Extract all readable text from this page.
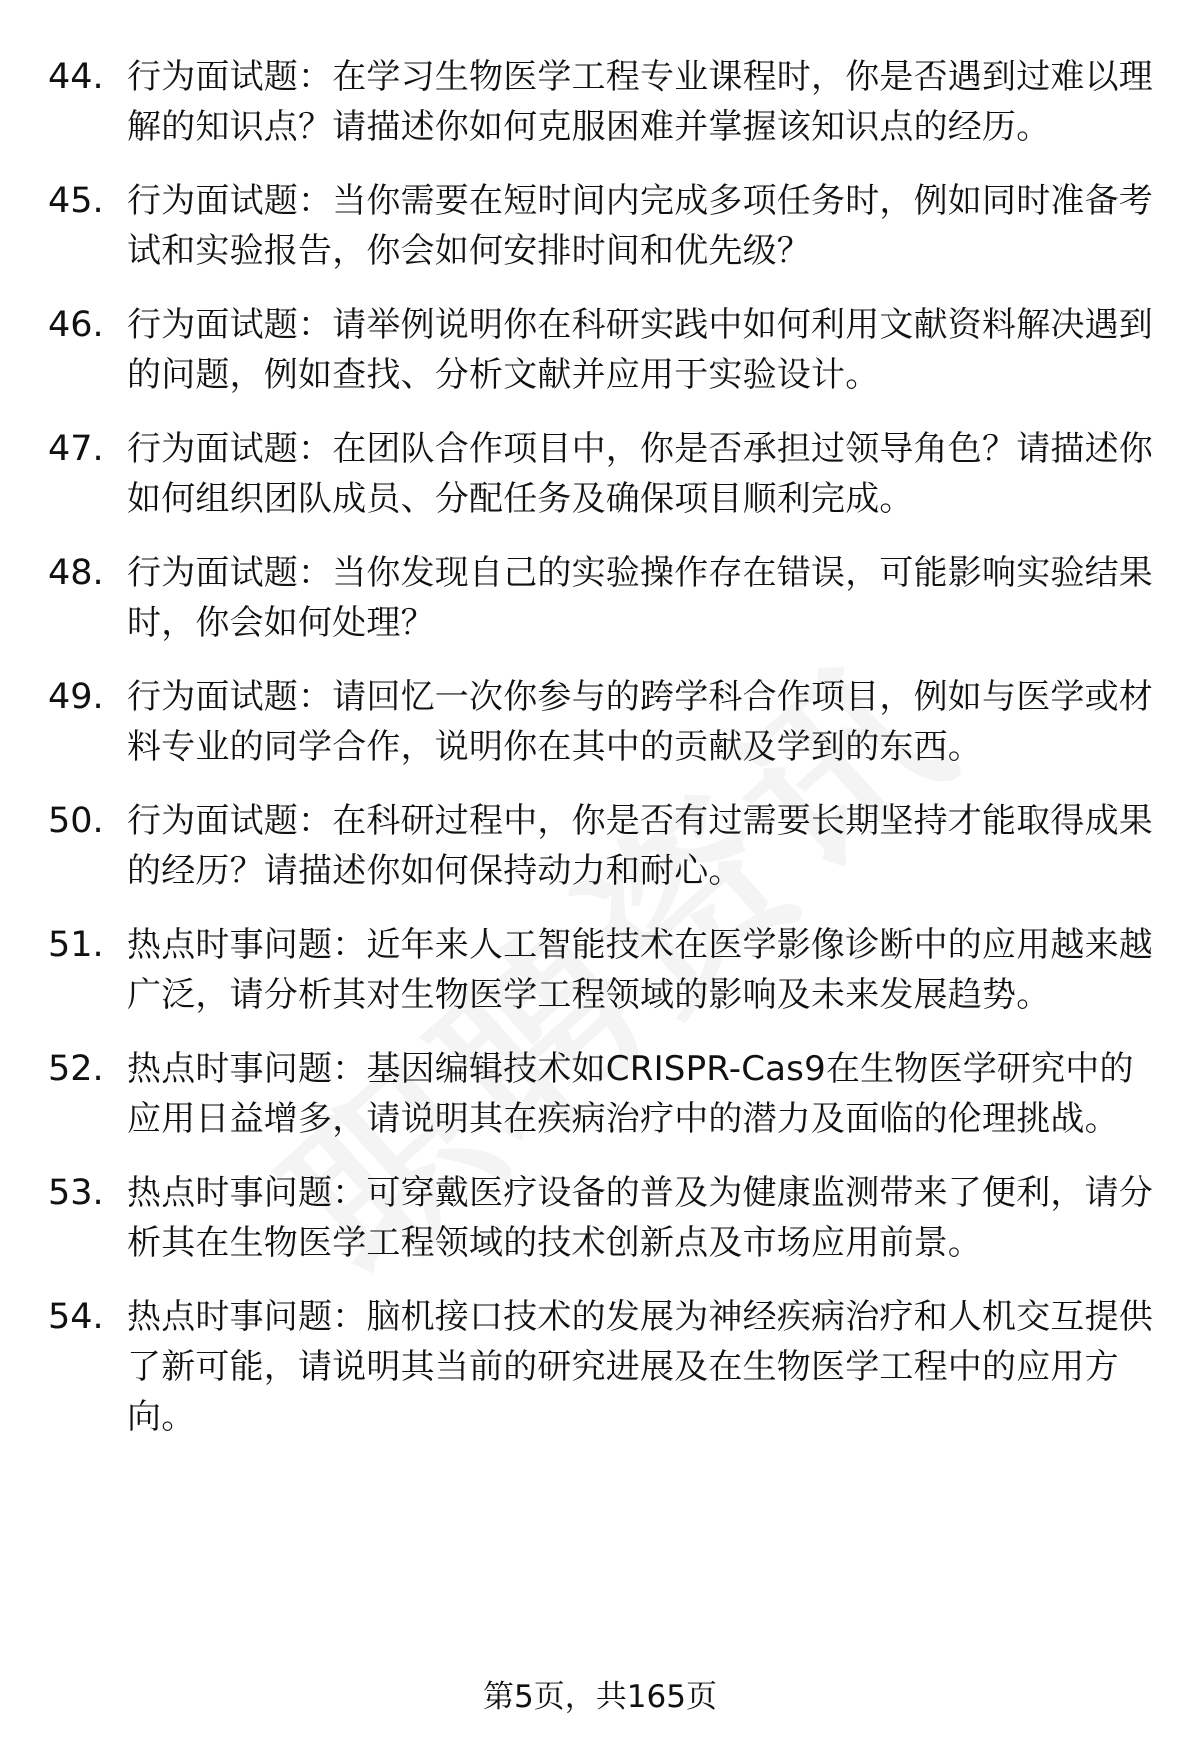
44. 行为面试题：在学习生物医学工程专业课程时，你是否遇到过难以理解的知识点？请描述你如何克服困难并掌握该知识点的经历。
45. 行为面试题：当你需要在短时间内完成多项任务时，例如同时准备考试和实验报告，你会如何安排时间和优先级？
46. 行为面试题：请举例说明你在科研实践中如何利用文献资料解决遇到的问题，例如查找、分析文献并应用于实验设计。
47. 行为面试题：在团队合作项目中，你是否承担过领导角色？请描述你如何组织团队成员、分配任务及确保项目顺利完成。
48. 行为面试题：当你发现自己的实验操作存在错误，可能影响实验结果时，你会如何处理？
49. 行为面试题：请回忆一次你参与的跨学科合作项目，例如与医学或材料专业的同学合作，说明你在其中的贡献及学到的东西。
50. 行为面试题：在科研过程中，你是否有过需要长期坚持才能取得成果的经历？请描述你如何保持动力和耐心。
51. 热点时事问题：近年来人工智能技术在医学影像诊断中的应用越来越广泛，请分析其对生物医学工程领域的影响及未来发展趋势。
52. 热点时事问题：基因编辑技术如CRISPR-Cas9在生物医学研究中的应用日益增多，请说明其在疾病治疗中的潜力及面临的伦理挑战。
53. 热点时事问题：可穿戴医疗设备的普及为健康监测带来了便利，请分析其在生物医学工程领域的技术创新点及市场应用前景。
54. 热点时事问题：脑机接口技术的发展为神经疾病治疗和人机交互提供了新可能，请说明其当前的研究进展及在生物医学工程中的应用方向。
第5页，共165页
